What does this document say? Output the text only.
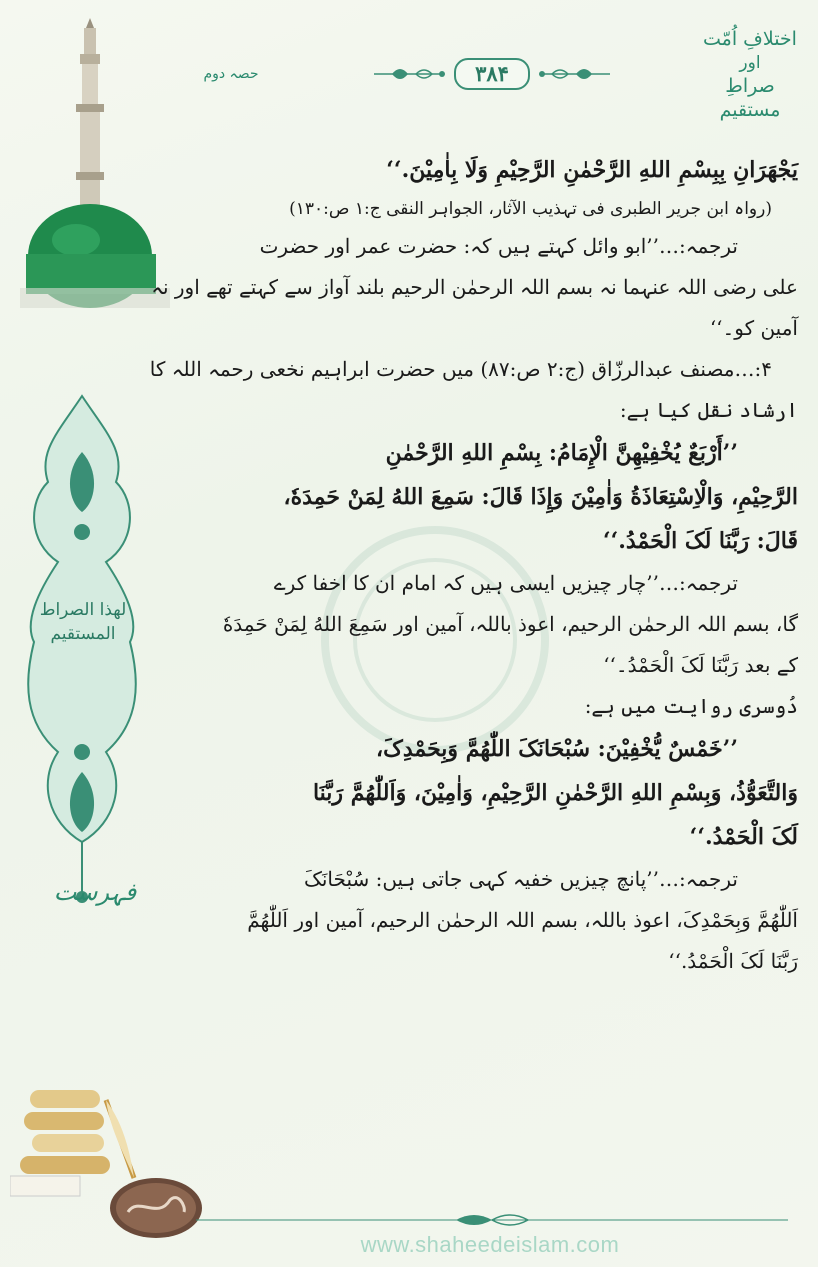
اختلافِ اُمّت
اور
صراطِ مستقیم
حصہ دوم	۳۸۴
لهذا الصراط المستقيم
فہرست
يَجْهَرَانِ بِبِسْمِ اللهِ الرَّحْمٰنِ الرَّحِيْمِ وَلَا بِاٰمِيْنَ.‘‘
(رواہ ابن جریر الطبری فی تہذیب الآثار، الجواہر النقی ج:۱ ص:۱۳۰)
ترجمہ:…’’ابو وائل کہتے ہیں کہ: حضرت عمر اور حضرت
علی رضی اللہ عنہما نہ بسم اللہ الرحمٰن الرحیم بلند آواز سے کہتے تھے اور نہ
آمین کو۔‘‘
۴:…مصنف عبدالرزّاق (ج:۲ ص:۸۷) میں حضرت ابراہیم نخعی رحمہ اللہ کا
ارشاد نقل کیا ہے:
’’أَرْبَعٌ يُخْفِيْهِنَّ الْإِمَامُ: بِسْمِ اللهِ الرَّحْمٰنِ
الرَّحِيْمِ، وَالْاِسْتِعَاذَةُ وَاٰمِيْنَ وَإِذَا قَالَ: سَمِعَ اللهُ لِمَنْ حَمِدَهٗ،
قَالَ: رَبَّنَا لَکَ الْحَمْدُ.‘‘
ترجمہ:…’’چار چیزیں ایسی ہیں کہ امام ان کا اخفا کرے
گا، بسم اللہ الرحمٰن الرحیم، اعوذ باللہ، آمین اور سَمِعَ اللهُ لِمَنْ حَمِدَهٗ
کے بعد رَبَّنَا لَکَ الْحَمْدُ۔‘‘
دُوسری روایت میں ہے:
’’خَمْسٌ يُّخْفِيْنَ: سُبْحَانَکَ اللّٰهُمَّ وَبِحَمْدِکَ،
وَالتَّعَوُّذُ، وَبِسْمِ اللهِ الرَّحْمٰنِ الرَّحِيْمِ، وَاٰمِيْنَ، وَاَللّٰهُمَّ رَبَّنَا
لَکَ الْحَمْدُ.‘‘
ترجمہ:…’’پانچ چیزیں خفیہ کہی جاتی ہیں: سُبْحَانَکَ
اَللّٰهُمَّ وَبِحَمْدِکَ، اعوذ باللہ، بسم اللہ الرحمٰن الرحیم، آمین اور اَللّٰهُمَّ
رَبَّنَا لَکَ الْحَمْدُ.‘‘
www.shaheedeislam.com
